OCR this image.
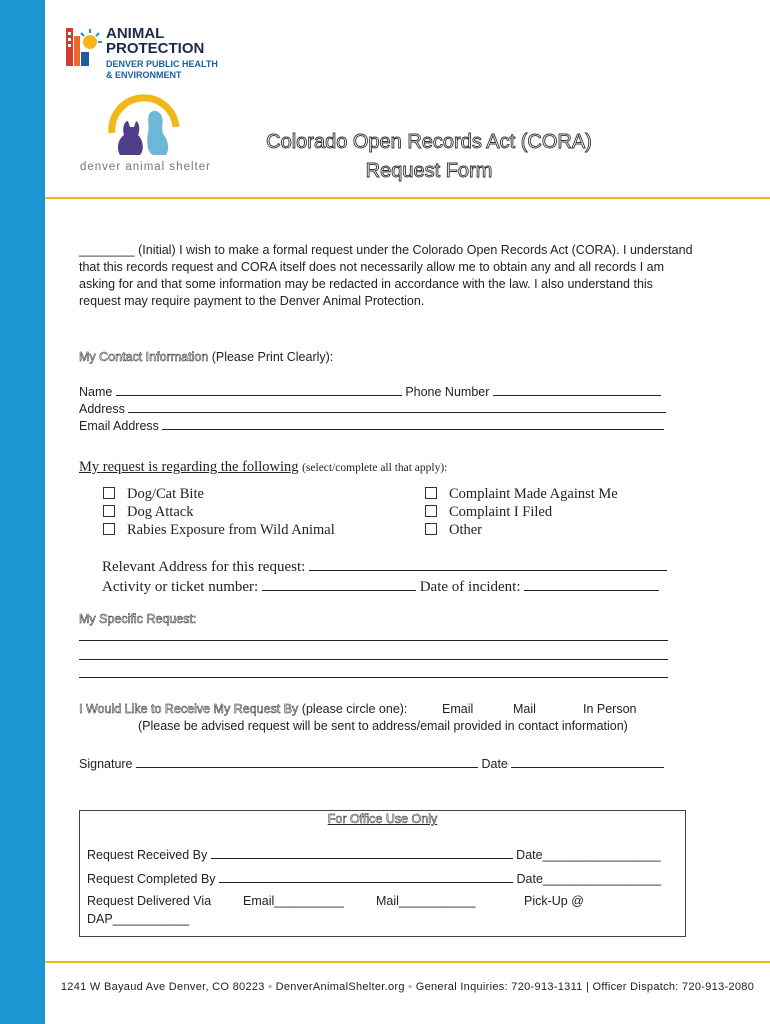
ANIMAL
PROTECTION
DENVER PUBLIC HEALTH
& ENVIRONMENT
denver animal shelter
Colorado Open Records Act (CORA)
Request Form
________ (Initial) I wish to make a formal request under the Colorado Open Records Act (CORA). I understand
that this records request and CORA itself does not necessarily allow me to obtain any and all records I am
asking for and that some information may be redacted in accordance with the law. I also understand this
request may require payment to the Denver Animal Protection.
My Contact Information (Please Print Clearly):
Name	Phone Number
Address
Email Address
My request is regarding the following (select/complete all that apply):
Dog/Cat Bite
Dog Attack
Rabies Exposure from Wild Animal
Complaint Made Against Me
Complaint I Filed
Other
Relevant Address for this request:
Activity or ticket number:	Date of incident:
My Specific Request:
I Would Like to Receive My Request By (please circle one):	Email	Mail	In Person
(Please be advised request will be sent to address/email provided in contact information)
Signature	Date
For Office Use Only
Request Received By	Date_________________
Request Completed By	Date_________________
Request Delivered Via	Email__________	Mail___________	Pick-Up @
DAP___________
1241 W Bayaud Ave Denver, CO 80223 ◦ DenverAnimalShelter.org ◦ General Inquiries: 720-913-1311 | Officer Dispatch: 720-913-2080
